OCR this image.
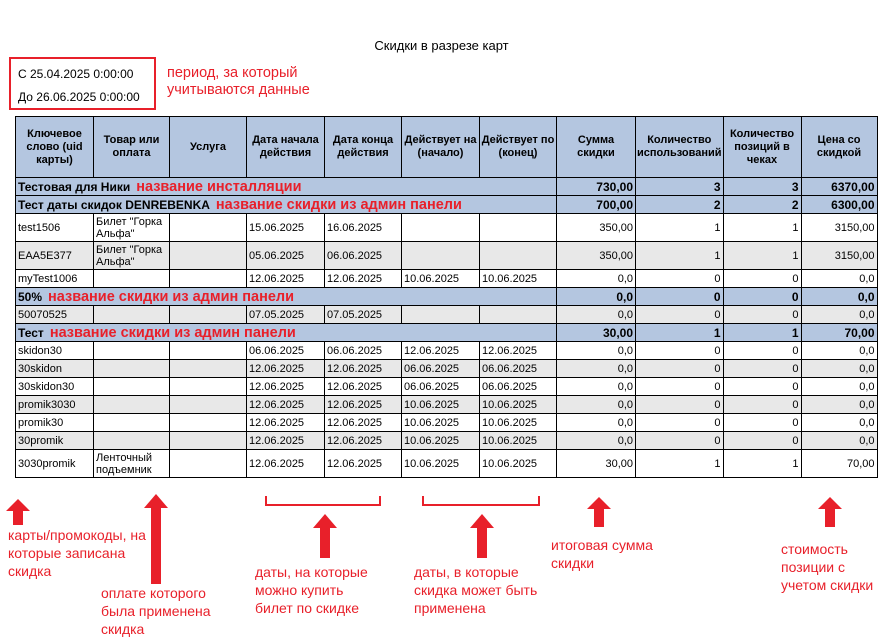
Скидки в разрезе карт
С 25.04.2025 0:00:00
До 26.06.2025 0:00:00
период, за который учитываются данные
Ключевое слово (uid карты)	Товар или оплата	Услуга	Дата начала действия	Дата конца действия	Действует на (начало)	Действует по (конец)	Сумма скидки	Количество использований	Количество позиций в чеках	Цена со скидкой
Тестовая для Ники название инсталляции							730,00	3	3	6370,00
Тест даты скидок DENREBENKA название скидки из админ панели							700,00	2	2	6300,00
test1506	Билет "Горка Альфа"		15.06.2025	16.06.2025			350,00	1	1	3150,00
EAA5E377	Билет "Горка Альфа"		05.06.2025	06.06.2025			350,00	1	1	3150,00
myTest1006			12.06.2025	12.06.2025	10.06.2025	10.06.2025	0,0	0	0	0,0
50% название скидки из админ панели							0,0	0	0	0,0
50070525			07.05.2025	07.05.2025			0,0	0	0	0,0
Тест название скидки из админ панели							30,00	1	1	70,00
skidon30			06.06.2025	06.06.2025	12.06.2025	12.06.2025	0,0	0	0	0,0
30skidon			12.06.2025	12.06.2025	06.06.2025	06.06.2025	0,0	0	0	0,0
30skidon30			12.06.2025	12.06.2025	06.06.2025	06.06.2025	0,0	0	0	0,0
promik3030			12.06.2025	12.06.2025	10.06.2025	10.06.2025	0,0	0	0	0,0
promik30			12.06.2025	12.06.2025	10.06.2025	10.06.2025	0,0	0	0	0,0
30promik			12.06.2025	12.06.2025	10.06.2025	10.06.2025	0,0	0	0	0,0
3030promik	Ленточный подъемник		12.06.2025	12.06.2025	10.06.2025	10.06.2025	30,00	1	1	70,00
карты/промокоды, на которые записана скидка
оплате которого была применена скидка
даты, на которые можно купить билет по скидке
даты, в которые скидка может быть применена
итоговая сумма скидки
стоимость позиции с учетом скидки
